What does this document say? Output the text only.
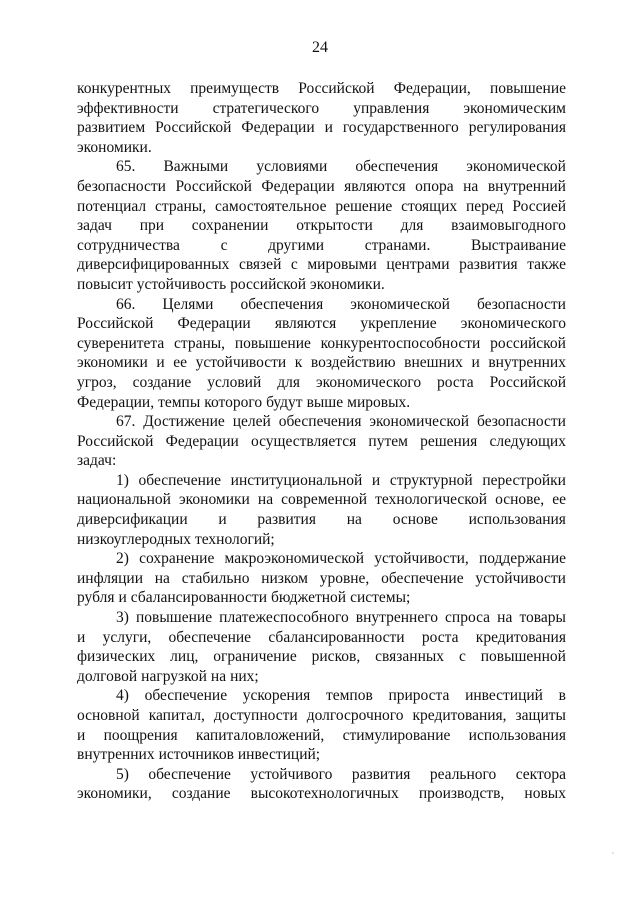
24
конкурентных преимуществ Российской Федерации, повышение
эффективности стратегического управления экономическим
развитием Российской Федерации и государственного регулирования
экономики.
65. Важными условиями обеспечения экономической
безопасности Российской Федерации являются опора на внутренний
потенциал страны, самостоятельное решение стоящих перед Россией
задач при сохранении открытости для взаимовыгодного
сотрудничества	с	другими	странами.	Выстраивание
диверсифицированных связей с мировыми центрами развития также
повысит устойчивость российской экономики.
66. Целями обеспечения экономической безопасности
Российской Федерации являются укрепление экономического
суверенитета страны, повышение конкурентоспособности российской
экономики и ее устойчивости к воздействию внешних и внутренних
угроз, создание условий для экономического роста Российской
Федерации, темпы которого будут выше мировых.
67. Достижение целей обеспечения экономической безопасности
Российской Федерации осуществляется путем решения следующих
задач:
1) обеспечение институциональной и структурной перестройки
национальной экономики на современной технологической основе, ее
диверсификации и развития на основе использования
низкоуглеродных технологий;
2) сохранение макроэкономической устойчивости, поддержание
инфляции на стабильно низком уровне, обеспечение устойчивости
рубля и сбалансированности бюджетной системы;
3) повышение платежеспособного внутреннего спроса на товары
и услуги, обеспечение сбалансированности роста кредитования
физических лиц, ограничение рисков, связанных с повышенной
долговой нагрузкой на них;
4) обеспечение ускорения темпов прироста инвестиций в
основной капитал, доступности долгосрочного кредитования, защиты
и поощрения капиталовложений, стимулирование использования
внутренних источников инвестиций;
5) обеспечение устойчивого развития реального сектора
экономики, создание высокотехнологичных производств, новых
